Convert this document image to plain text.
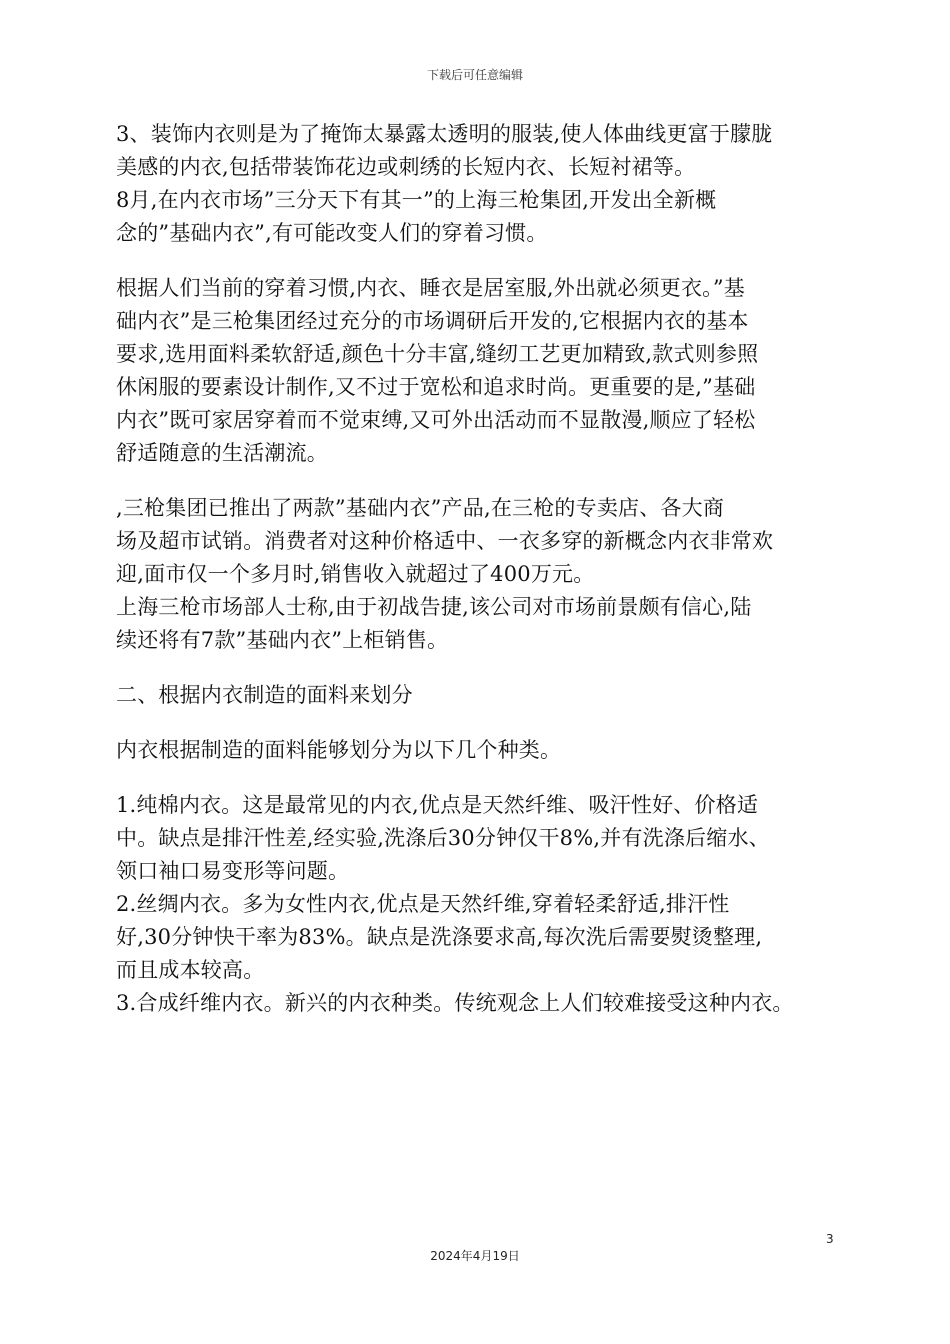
下载后可任意编辑

3、装饰内衣则是为了掩饰太暴露太透明的服装,使人体曲线更富于朦胧

美感的内衣,包括带装饰花边或刺绣的长短内衣、长短衬裙等。

8月,在内衣市场”三分天下有其一”的上海三枪集团,开发出全新概

念的”基础内衣”,有可能改变人们的穿着习惯。

根据人们当前的穿着习惯,内衣、睡衣是居室服,外出就必须更衣。”基

础内衣”是三枪集团经过充分的市场调研后开发的,它根据内衣的基本

要求,选用面料柔软舒适,颜色十分丰富,缝纫工艺更加精致,款式则参照

休闲服的要素设计制作,又不过于宽松和追求时尚。更重要的是,”基础

内衣”既可家居穿着而不觉束缚,又可外出活动而不显散漫,顺应了轻松

舒适随意的生活潮流。

,三枪集团已推出了两款”基础内衣”产品,在三枪的专卖店、各大商

场及超市试销。消费者对这种价格适中、一衣多穿的新概念内衣非常欢

迎,面市仅一个多月时,销售收入就超过了400万元。

上海三枪市场部人士称,由于初战告捷,该公司对市场前景颇有信心,陆

续还将有7款”基础内衣”上柜销售。

二、根据内衣制造的面料来划分

内衣根据制造的面料能够划分为以下几个种类。

1.纯棉内衣。这是最常见的内衣,优点是天然纤维、吸汗性好、价格适

中。缺点是排汗性差,经实验,洗涤后30分钟仅干8%,并有洗涤后缩水、

领口袖口易变形等问题。

2.丝绸内衣。多为女性内衣,优点是天然纤维,穿着轻柔舒适,排汗性

好,30分钟快干率为83%。缺点是洗涤要求高,每次洗后需要熨烫整理,

而且成本较高。

3.合成纤维内衣。新兴的内衣种类。传统观念上人们较难接受这种内衣。

3
2024年4月19日
